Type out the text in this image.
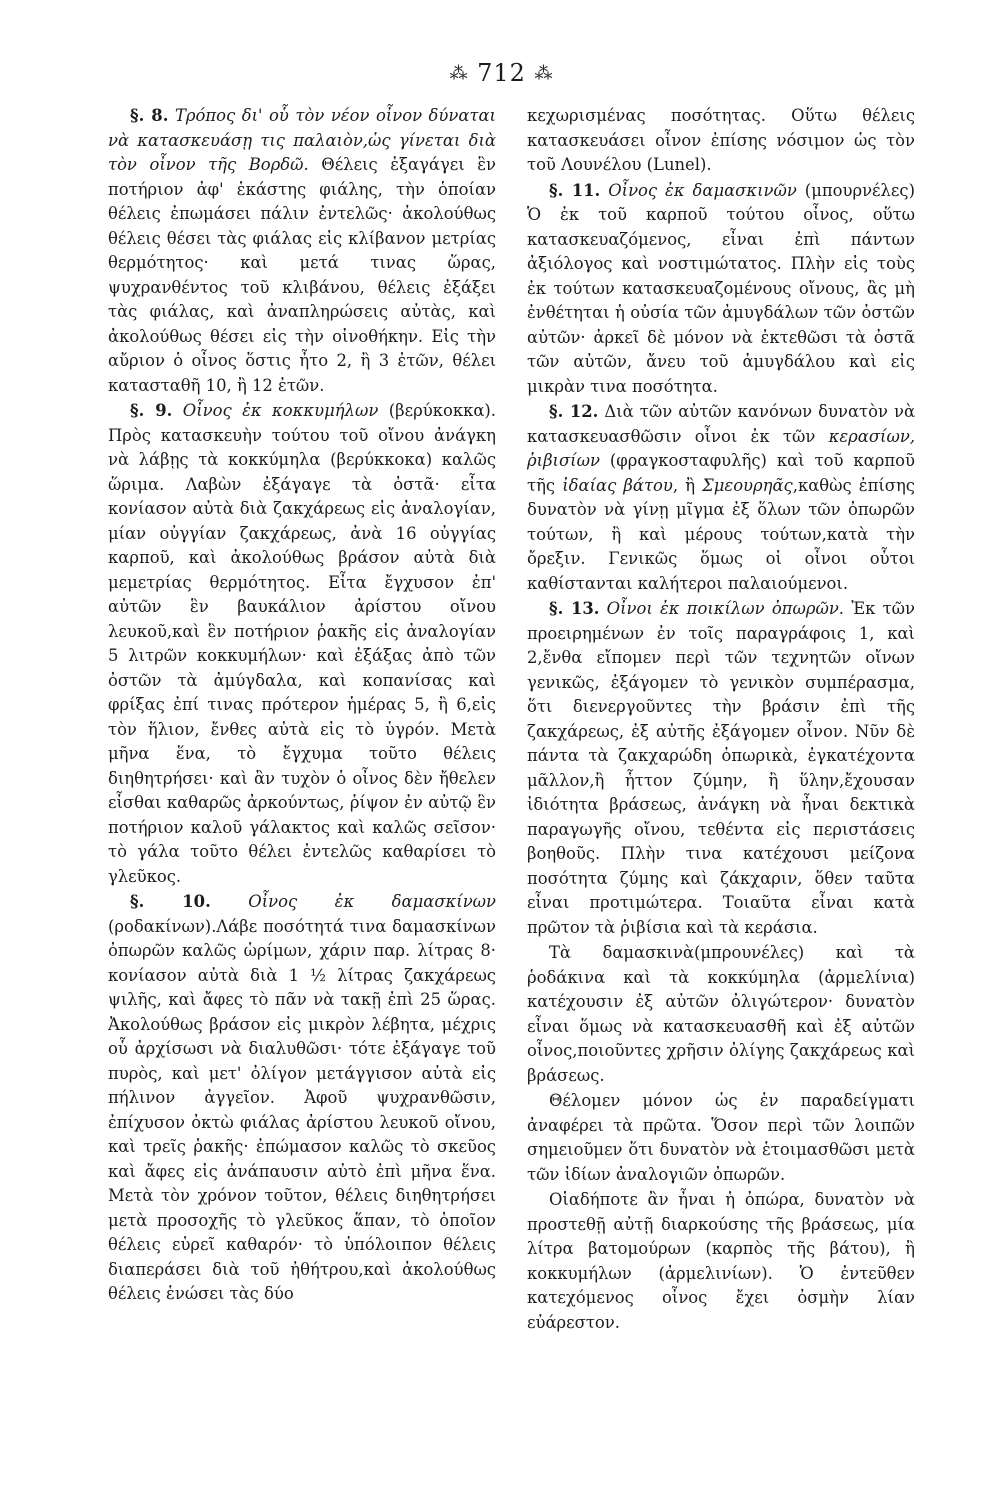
⁂ 712 ⁂

§. 8. Τρόπος δι' οὗ τὸν νέον οἶνον δύναται νὰ κατασκευάσῃ τις παλαιὸν,ὡς γίνεται διὰ τὸν οἶνον τῆς Βορδῶ. Θέλεις ἐξαγάγει ἓν ποτήριον ἀφ' ἑκάστης φιάλης, τὴν ὁποίαν θέλεις ἐπωμάσει πάλιν ἐντελῶς· ἀκολούθως θέλεις θέσει τὰς φιάλας εἰς κλίβανον μετρίας θερμότητος· καὶ μετά τινας ὥρας, ψυχρανθέντος τοῦ κλιβάνου, θέλεις ἐξάξει τὰς φιάλας, καὶ ἀναπληρώσεις αὐτὰς, καὶ ἀκολούθως θέσει εἰς τὴν οἰνοθήκην. Εἰς τὴν αὔριον ὁ οἶνος ὅστις ἦτο 2, ἢ 3 ἐτῶν, θέλει κατασταθῆ 10, ἢ 12 ἐτῶν.

§. 9. Οἶνος ἐκ κοκκυμήλων (βερύκοκκα). Πρὸς κατασκευὴν τούτου τοῦ οἴνου ἀνάγκη νὰ λάβῃς τὰ κοκκύμηλα (βερύκκοκα) καλῶς ὥριμα. Λαβὼν ἐξάγαγε τὰ ὀστᾶ· εἶτα κονίασον αὐτὰ διὰ ζακχάρεως εἰς ἀναλογίαν, μίαν οὐγγίαν ζακχάρεως, ἀνὰ 16 οὐγγίας καρποῦ, καὶ ἀκολούθως βράσον αὐτὰ διὰ μεμετρίας θερμότητος. Εἶτα ἔγχυσον ἐπ' αὐτῶν ἓν βαυκάλιον ἀρίστου οἴνου λευκοῦ,καὶ ἓν ποτήριον ῥακῆς εἰς ἀναλογίαν 5 λιτρῶν κοκκυμήλων· καὶ ἐξάξας ἀπὸ τῶν ὀστῶν τὰ ἀμύγδαλα, καὶ κοπανίσας καὶ φρίξας ἐπί τινας πρότερον ἡμέρας 5, ἢ 6,εἰς τὸν ἥλιον, ἔνθες αὐτὰ εἰς τὸ ὑγρόν. Μετὰ μῆνα ἕνα, τὸ ἔγχυμα τοῦτο θέλεις διηθητρήσει· καὶ ἂν τυχὸν ὁ οἶνος δὲν ἤθελεν εἶσθαι καθαρῶς ἀρκούντως, ῥίψον ἐν αὐτῷ ἓν ποτήριον καλοῦ γάλακτος καὶ καλῶς σεῖσον· τὸ γάλα τοῦτο θέλει ἐντελῶς καθαρίσει τὸ γλεῦκος.

§. 10. Οἶνος ἐκ δαμασκίνων (ροδακίνων).Λάβε ποσότητά τινα δαμασκίνων ὀπωρῶν καλῶς ὡρίμων, χάριν παρ. λίτρας 8· κονίασον αὐτὰ διὰ 1 ½ λίτρας ζακχάρεως ψιλῆς, καὶ ἄφες τὸ πᾶν νὰ τακῇ ἐπὶ 25 ὥρας. Ἀκολούθως βράσον εἰς μικρὸν λέβητα, μέχρις οὗ ἀρχίσωσι νὰ διαλυθῶσι· τότε ἐξάγαγε τοῦ πυρὸς, καὶ μετ' ὀλίγον μετάγγισον αὐτὰ εἰς πήλινον ἀγγεῖον. Ἀφοῦ ψυχρανθῶσιν, ἐπίχυσον ὀκτὼ φιάλας ἀρίστου λευκοῦ οἴνου, καὶ τρεῖς ῥακῆς· ἐπώμασον καλῶς τὸ σκεῦος καὶ ἄφες εἰς ἀνάπαυσιν αὐτὸ ἐπὶ μῆνα ἕνα. Μετὰ τὸν χρόνον τοῦτον, θέλεις διηθητρήσει μετὰ προσοχῆς τὸ γλεῦκος ἅπαν, τὸ ὁποῖον θέλεις εὑρεῖ καθαρόν· τὸ ὑπόλοιπον θέλεις διαπεράσει διὰ τοῦ ἠθήτρου,καὶ ἀκολούθως θέλεις ἑνώσει τὰς δύο

κεχωρισμένας ποσότητας. Οὕτω θέλεις κατασκευάσει οἶνον ἐπίσης νόσιμον ὡς τὸν τοῦ Λουνέλου (Lunel).

§. 11. Οἶνος ἐκ δαμασκινῶν (μπουρνέλες) Ὁ ἐκ τοῦ καρποῦ τούτου οἶνος, οὕτω κατασκευαζόμενος, εἶναι ἐπὶ πάντων ἀξιόλογος καὶ νοστιμώτατος. Πλὴν εἰς τοὺς ἐκ τούτων κατασκευαζομένους οἴνους, ἂς μὴ ἐνθέτηται ἡ οὐσία τῶν ἀμυγδάλων τῶν ὀστῶν αὐτῶν· ἀρκεῖ δὲ μόνον νὰ ἐκτεθῶσι τὰ ὀστᾶ τῶν αὐτῶν, ἄνευ τοῦ ἀμυγδάλου καὶ εἰς μικρὰν τινα ποσότητα.

§. 12. Διὰ τῶν αὐτῶν κανόνων δυνατὸν νὰ κατασκευασθῶσιν οἶνοι ἐκ τῶν κερασίων, ῥιβισίων (φραγκοσταφυλῆς) καὶ τοῦ καρποῦ τῆς ἰδαίας βάτου, ἢ Σμεουρηᾶς,καθὼς ἐπίσης δυνατὸν νὰ γίνῃ μῖγμα ἐξ ὅλων τῶν ὀπωρῶν τούτων, ἢ καὶ μέρους τούτων,κατὰ τὴν ὄρεξιν. Γενικῶς ὅμως οἱ οἶνοι οὗτοι καθίστανται καλήτεροι παλαιούμενοι.

§. 13. Οἶνοι ἐκ ποικίλων ὀπωρῶν. Ἐκ τῶν προειρημένων ἐν τοῖς παραγράφοις 1, καὶ 2,ἔνθα εἴπομεν περὶ τῶν τεχνητῶν οἴνων γενικῶς, ἐξάγομεν τὸ γενικὸν συμπέρασμα, ὅτι διενεργοῦντες τὴν βράσιν ἐπὶ τῆς ζακχάρεως, ἐξ αὐτῆς ἐξάγομεν οἶνον. Νῦν δὲ πάντα τὰ ζακχαρώδη ὀπωρικὰ, ἐγκατέχοντα μᾶλλον,ἢ ἧττον ζύμην, ἢ ὕλην,ἔχουσαν ἰδιότητα βράσεως, ἀνάγκη νὰ ἦναι δεκτικὰ παραγωγῆς οἴνου, τεθέντα εἰς περιστάσεις βοηθοῦς. Πλὴν τινα κατέχουσι μείζονα ποσότητα ζύμης καὶ ζάκχαριν, ὅθεν ταῦτα εἶναι προτιμώτερα. Τοιαῦτα εἶναι κατὰ πρῶτον τὰ ῥιβίσια καὶ τὰ κεράσια.

Τὰ δαμασκινὰ(μπρουνέλες) καὶ τὰ ῥοδάκινα καὶ τὰ κοκκύμηλα (ἀρμελίνια) κατέχουσιν ἐξ αὐτῶν ὀλιγώτερον· δυνατὸν εἶναι ὅμως νὰ κατασκευασθῆ καὶ ἐξ αὐτῶν οἶνος,ποιοῦντες χρῆσιν ὀλίγης ζακχάρεως καὶ βράσεως.

Θέλομεν μόνον ὡς ἐν παραδείγματι ἀναφέρει τὰ πρῶτα. Ὅσον περὶ τῶν λοιπῶν σημειοῦμεν ὅτι δυνατὸν νὰ ἑτοιμασθῶσι μετὰ τῶν ἰδίων ἀναλογιῶν ὀπωρῶν.

Οἱαδήποτε ἂν ἦναι ἡ ὀπώρα, δυνατὸν νὰ προστεθῇ αὐτῇ διαρκούσης τῆς βράσεως, μία λίτρα βατομούρων (καρπὸς τῆς βάτου), ἢ κοκκυμήλων (ἀρμελινίων). Ὁ ἐντεῦθεν κατεχόμενος οἶνος ἔχει ὀσμὴν λίαν εὐάρεστον.
